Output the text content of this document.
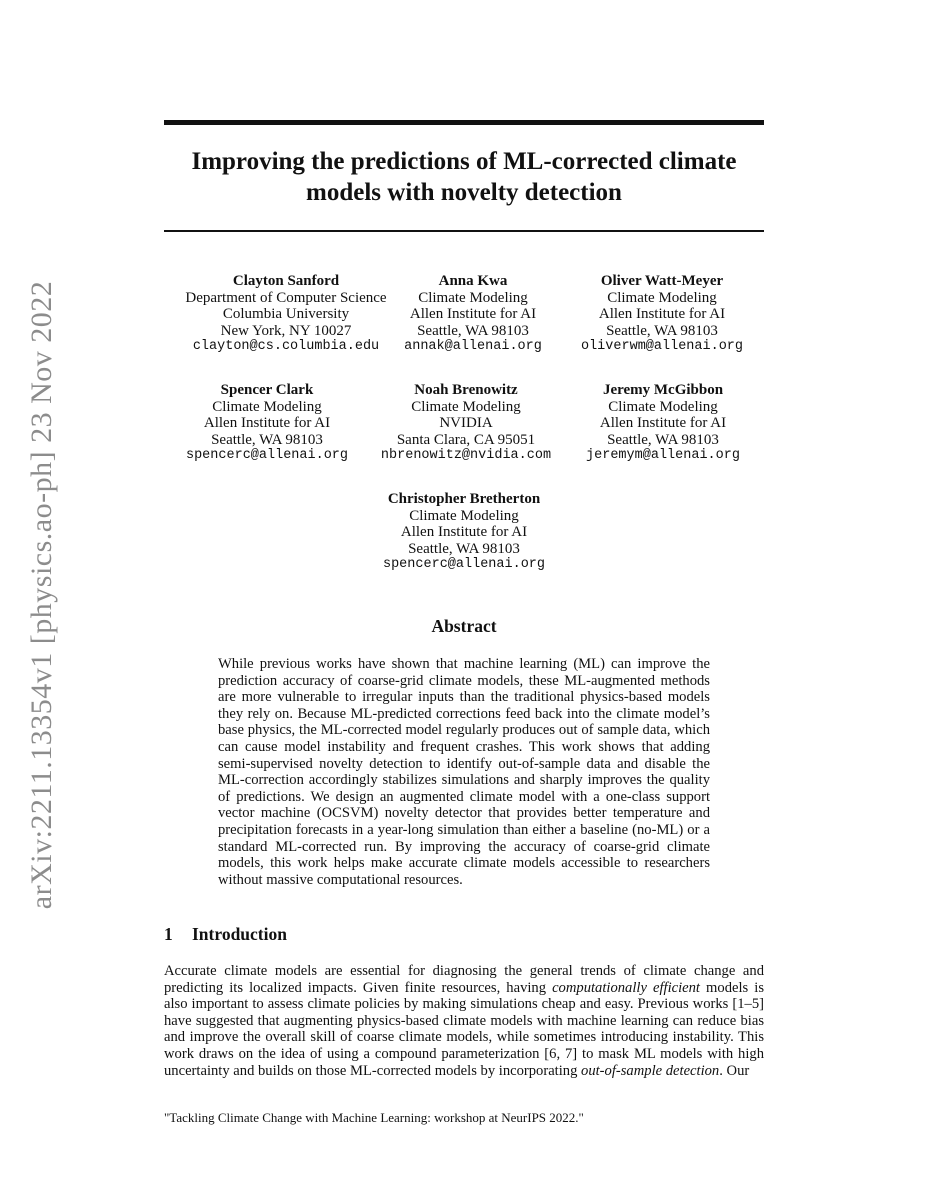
arXiv:2211.13354v1 [physics.ao-ph] 23 Nov 2022
Improving the predictions of ML-corrected climate
models with novelty detection
Clayton Sanford
Department of Computer Science
Columbia University
New York, NY 10027
clayton@cs.columbia.edu
Anna Kwa
Climate Modeling
Allen Institute for AI
Seattle, WA 98103
annak@allenai.org
Oliver Watt-Meyer
Climate Modeling
Allen Institute for AI
Seattle, WA 98103
oliverwm@allenai.org
Spencer Clark
Climate Modeling
Allen Institute for AI
Seattle, WA 98103
spencerc@allenai.org
Noah Brenowitz
Climate Modeling
NVIDIA
Santa Clara, CA 95051
nbrenowitz@nvidia.com
Jeremy McGibbon
Climate Modeling
Allen Institute for AI
Seattle, WA 98103
jeremym@allenai.org
Christopher Bretherton
Climate Modeling
Allen Institute for AI
Seattle, WA 98103
spencerc@allenai.org
Abstract

While previous works have shown that machine learning (ML) can improve the prediction accuracy of coarse-grid climate models, these ML-augmented methods are more vulnerable to irregular inputs than the traditional physics-based models they rely on. Because ML-predicted corrections feed back into the climate model’s base physics, the ML-corrected model regularly produces out of sample data, which can cause model instability and frequent crashes. This work shows that adding semi-supervised novelty detection to identify out-of-sample data and disable the ML-correction accordingly stabilizes simulations and sharply improves the quality of predictions. We design an augmented climate model with a one-class support vector machine (OCSVM) novelty detector that provides better temperature and precipitation forecasts in a year-long simulation than either a baseline (no-ML) or a standard ML-corrected run. By improving the accuracy of coarse-grid climate models, this work helps make accurate climate models accessible to researchers without massive computational resources.

1 Introduction

Accurate climate models are essential for diagnosing the general trends of climate change and predicting its localized impacts. Given finite resources, having computationally efficient models is also important to assess climate policies by making simulations cheap and easy. Previous works [1–5] have suggested that augmenting physics-based climate models with machine learning can reduce bias and improve the overall skill of coarse climate models, while sometimes introducing instability. This work draws on the idea of using a compound parameterization [6, 7] to mask ML models with high uncertainty and builds on those ML-corrected models by incorporating out-of-sample detection. Our

"Tackling Climate Change with Machine Learning: workshop at NeurIPS 2022."
